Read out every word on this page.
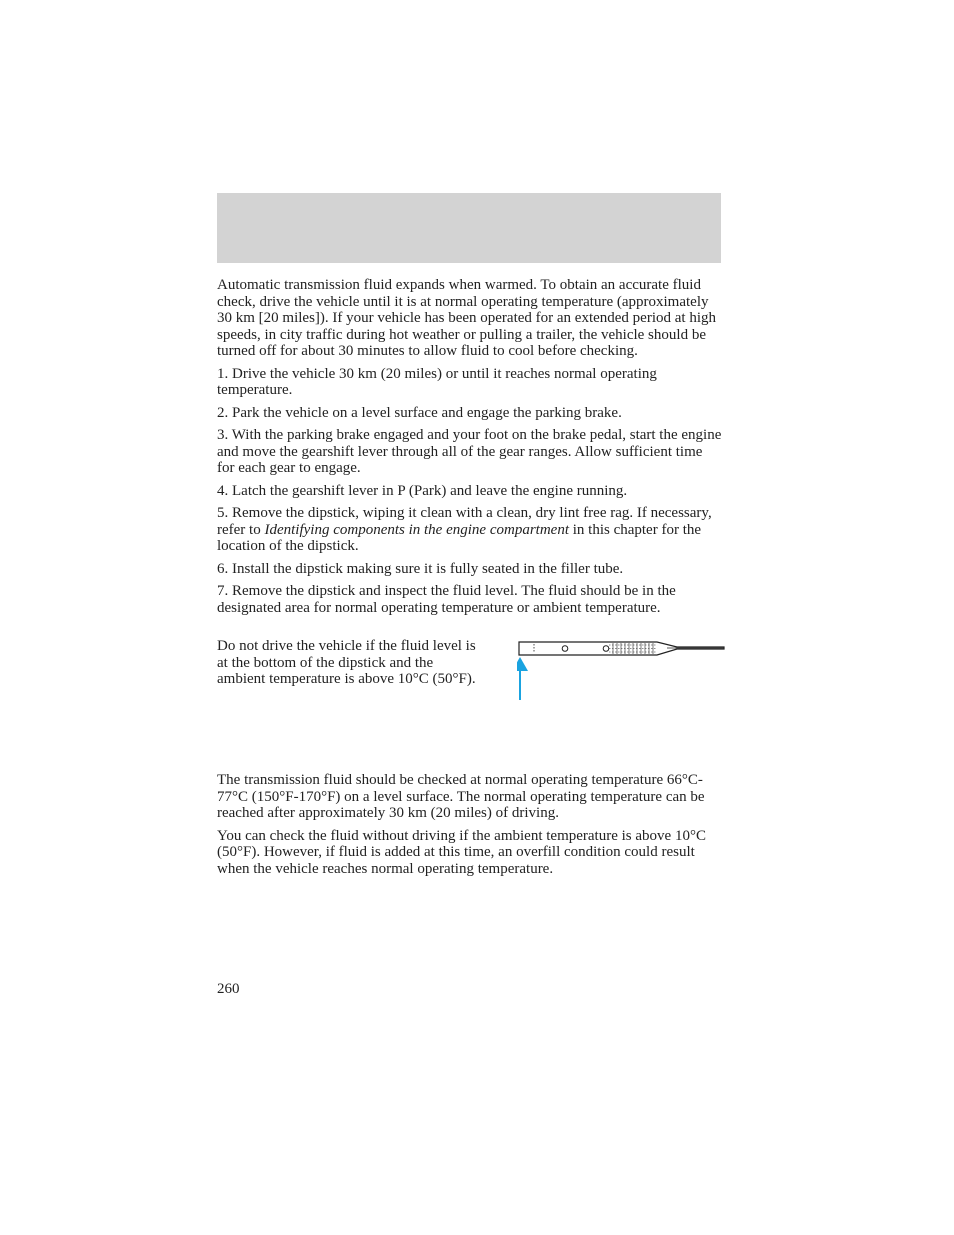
Automatic transmission fluid expands when warmed. To obtain an accurate fluid check, drive the vehicle until it is at normal operating temperature (approximately 30 km [20 miles]). If your vehicle has been operated for an extended period at high speeds, in city traffic during hot weather or pulling a trailer, the vehicle should be turned off for about 30 minutes to allow fluid to cool before checking.

1. Drive the vehicle 30 km (20 miles) or until it reaches normal operating temperature.

2. Park the vehicle on a level surface and engage the parking brake.

3. With the parking brake engaged and your foot on the brake pedal, start the engine and move the gearshift lever through all of the gear ranges. Allow sufficient time for each gear to engage.

4. Latch the gearshift lever in P (Park) and leave the engine running.

5. Remove the dipstick, wiping it clean with a clean, dry lint free rag. If necessary, refer to Identifying components in the engine compartment in this chapter for the location of the dipstick.

6. Install the dipstick making sure it is fully seated in the filler tube.

7. Remove the dipstick and inspect the fluid level. The fluid should be in the designated area for normal operating temperature or ambient temperature.

Do not drive the vehicle if the fluid level is at the bottom of the dipstick and the ambient temperature is above 10°C (50°F).

The transmission fluid should be checked at normal operating temperature 66°C-77°C (150°F-170°F) on a level surface. The normal operating temperature can be reached after approximately 30 km (20 miles) of driving.

You can check the fluid without driving if the ambient temperature is above 10°C (50°F). However, if fluid is added at this time, an overfill condition could result when the vehicle reaches normal operating temperature.

260
